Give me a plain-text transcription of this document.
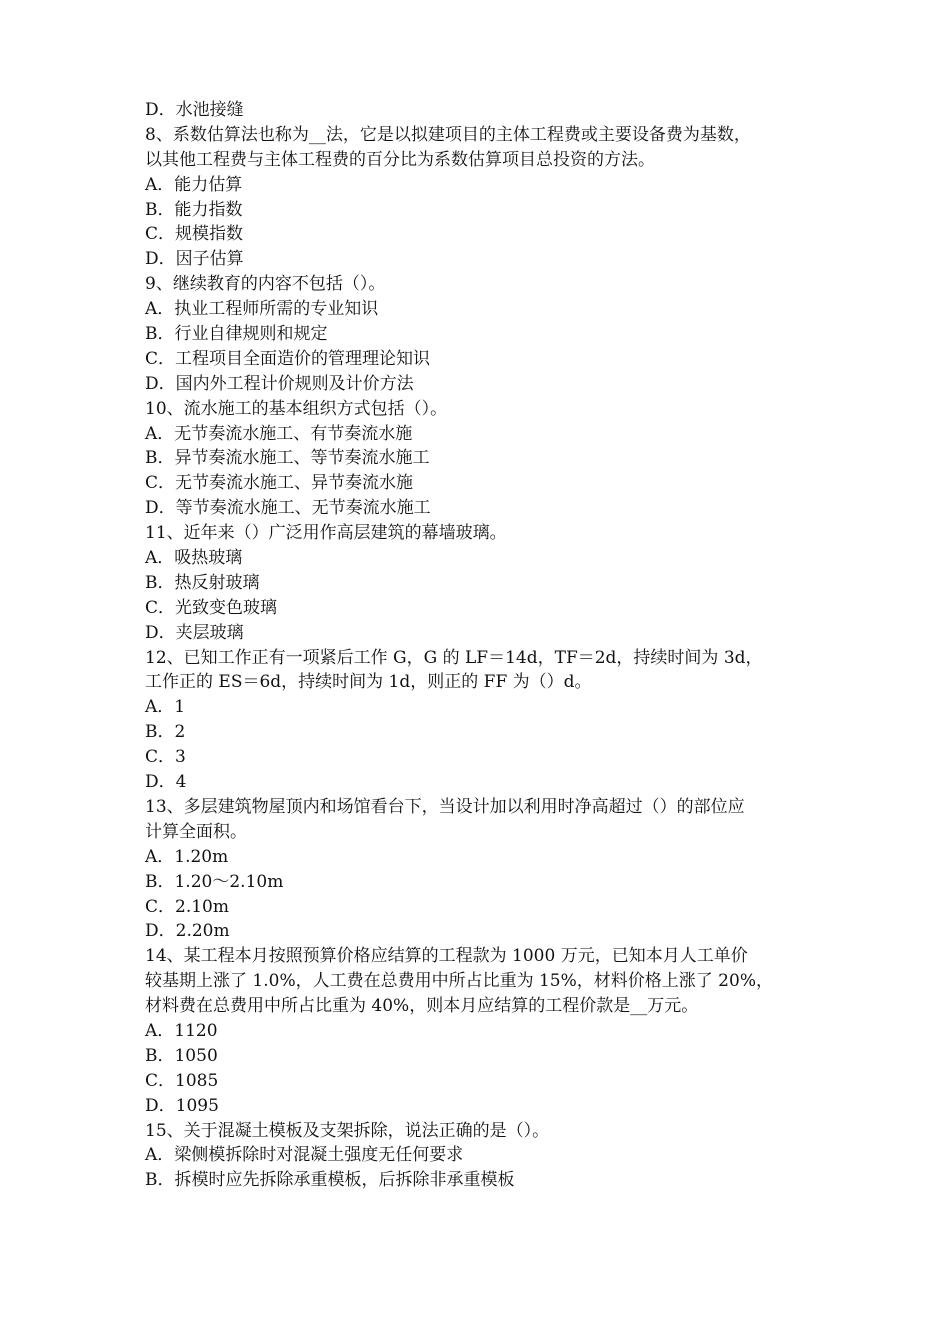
D．水池接缝
8、系数估算法也称为__法，它是以拟建项目的主体工程费或主要设备费为基数，
以其他工程费与主体工程费的百分比为系数估算项目总投资的方法。
A．能力估算
B．能力指数
C．规模指数
D．因子估算
9、继续教育的内容不包括（）。
A．执业工程师所需的专业知识
B．行业自律规则和规定
C．工程项目全面造价的管理理论知识
D．国内外工程计价规则及计价方法
10、流水施工的基本组织方式包括（）。
A．无节奏流水施工、有节奏流水施
B．异节奏流水施工、等节奏流水施工
C．无节奏流水施工、异节奏流水施
D．等节奏流水施工、无节奏流水施工
11、近年来（）广泛用作高层建筑的幕墙玻璃。
A．吸热玻璃
B．热反射玻璃
C．光致变色玻璃
D．夹层玻璃
12、已知工作正有一项紧后工作 G，G 的 LF＝14d，TF＝2d，持续时间为 3d，
工作正的 ES＝6d，持续时间为 1d，则正的 FF 为（）d。
A．1
B．2
C．3
D．4
13、多层建筑物屋顶内和场馆看台下，当设计加以利用时净高超过（）的部位应
计算全面积。
A．1.20m
B．1.20～2.10m
C．2.10m
D．2.20m
14、某工程本月按照预算价格应结算的工程款为 1000 万元，已知本月人工单价
较基期上涨了 1.0%，人工费在总费用中所占比重为 15%，材料价格上涨了 20%，
材料费在总费用中所占比重为 40%，则本月应结算的工程价款是__万元。
A．1120
B．1050
C．1085
D．1095
15、关于混凝土模板及支架拆除，说法正确的是（）。
A．梁侧模拆除时对混凝土强度无任何要求
B．拆模时应先拆除承重模板，后拆除非承重模板
